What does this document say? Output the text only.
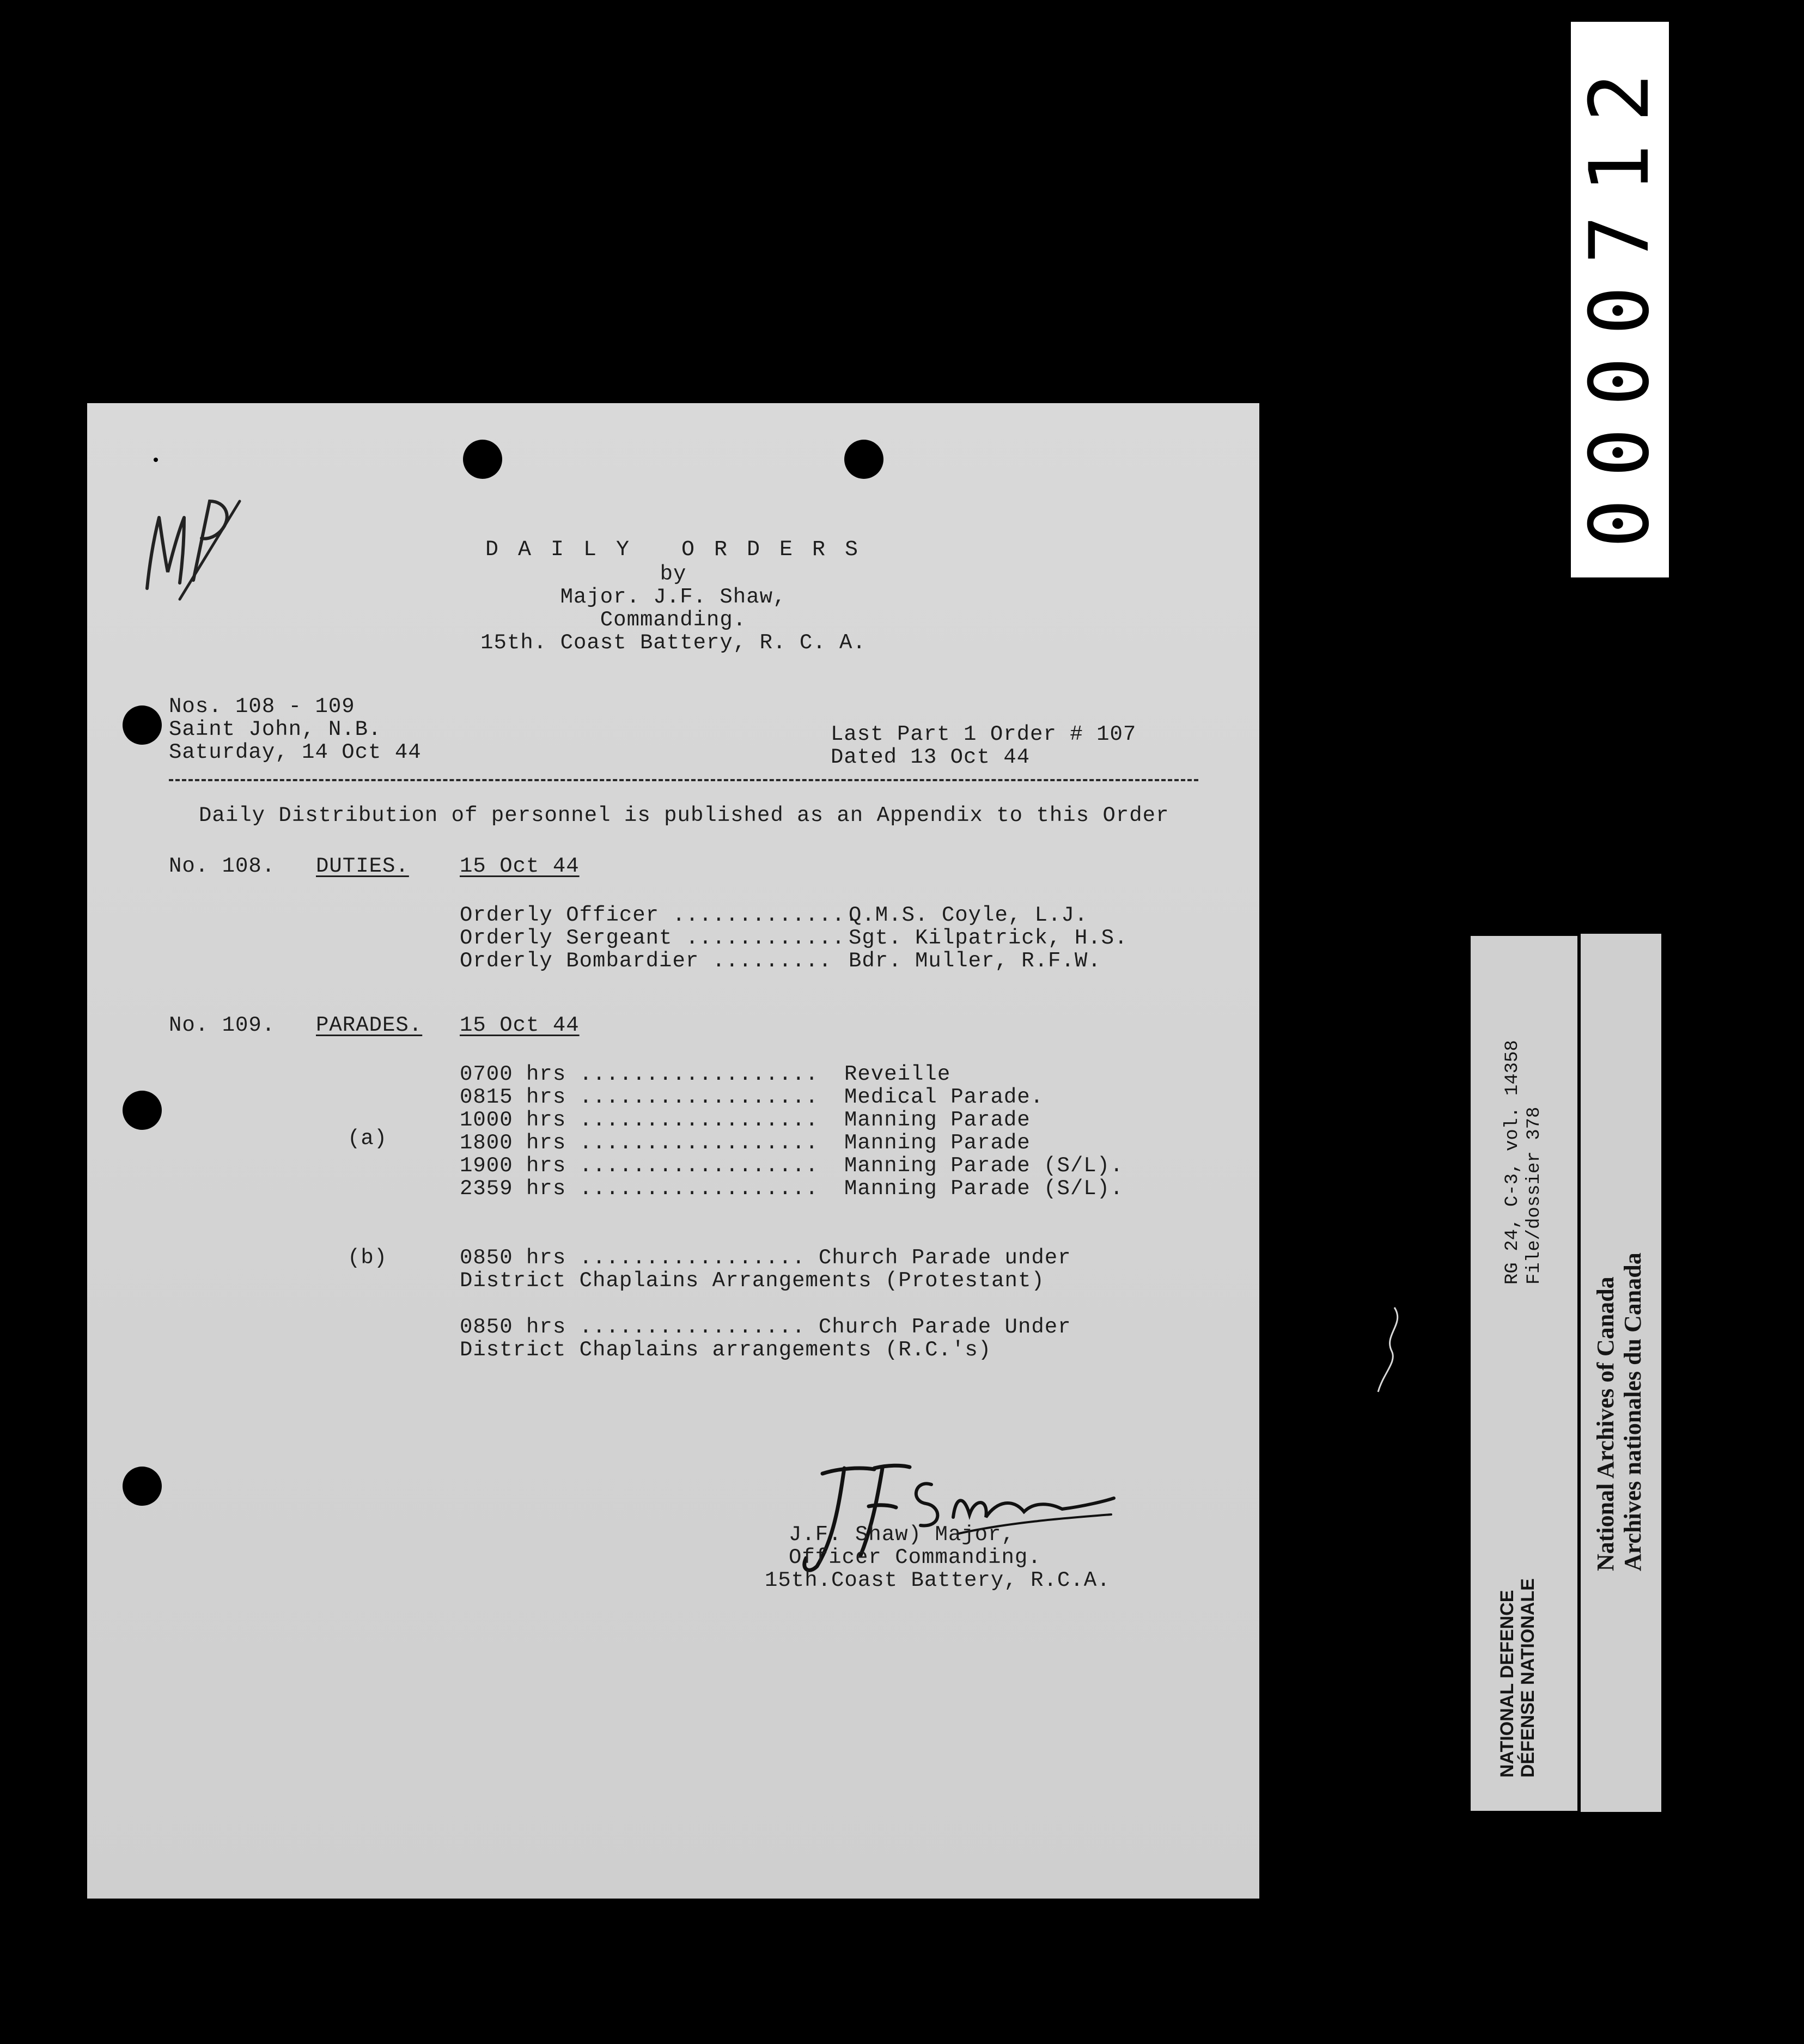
D A I L Y   O R D E R S
by
Major. J.F. Shaw,
Commanding.
15th. Coast Battery, R. C. A.
Nos. 108 - 109
Saint John, N.B.
Saturday, 14 Oct 44
Last Part 1 Order # 107
Dated 13 Oct 44
Daily Distribution of personnel is published as an Appendix to this Order
No. 108. DUTIES. 15 Oct 44
Orderly Officer ..............
Q.M.S. Coyle, L.J.
Orderly Sergeant ............ Sgt. Kilpatrick, H.S.
Orderly Bombardier ......... Bdr. Muller, R.F.W.
No. 109. PARADES. 15 Oct 44
(a)
0700 hrs .................. Reveille
0815 hrs .................. Medical Parade.
1000 hrs .................. Manning Parade
1800 hrs .................. Manning Parade
1900 hrs .................. Manning Parade (S/L).
2359 hrs .................. Manning Parade (S/L).
(b)	0850 hrs ................. Church Parade under
District Chaplains Arrangements (Protestant)
0850 hrs ................. Church Parade Under
District Chaplains arrangements (R.C.'s)
J.F. Shaw) Major,
Officer Commanding.
15th.Coast Battery, R.C.A.
0000712
RG 24, C-3, vol. 14358 File/dossier 378
NATIONAL DEFENCE DÉFENSE NATIONALE
National Archives of Canada Archives nationales du Canada
